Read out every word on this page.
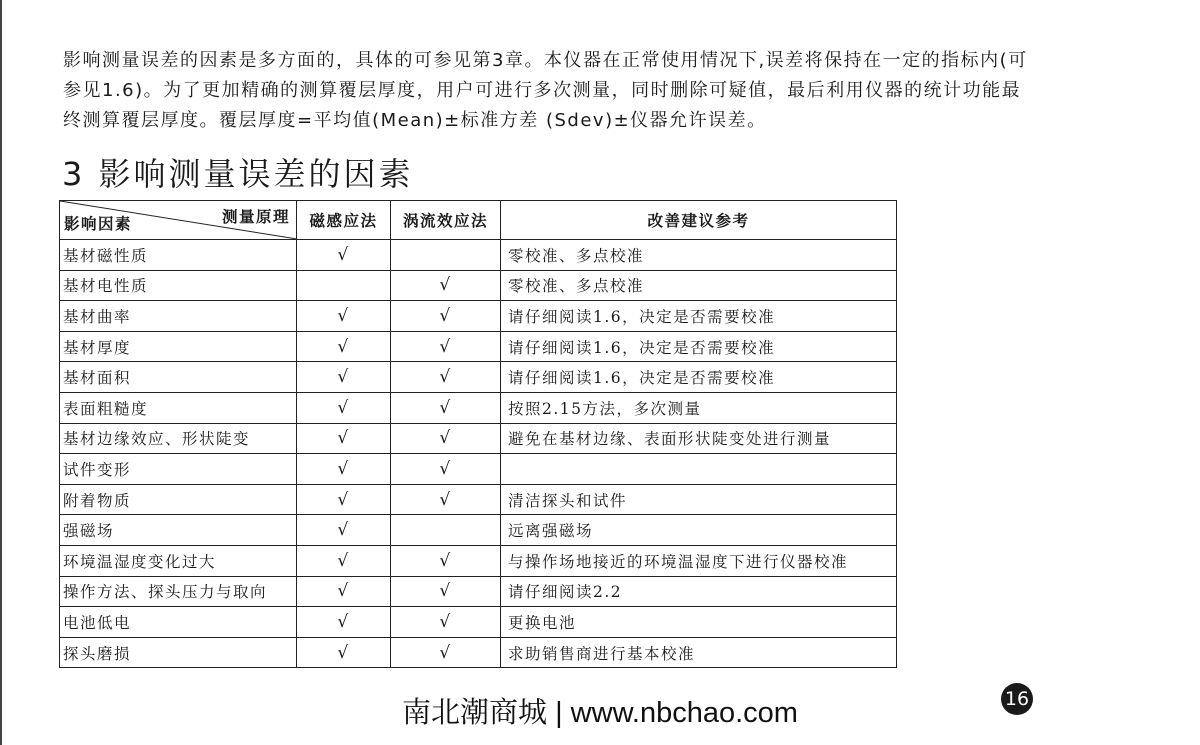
影响测量误差的因素是多方面的，具体的可参见第3章。本仪器在正常使用情况下,误差将保持在一定的指标内(可
参见1.6)。为了更加精确的测算覆层厚度，用户可进行多次测量，同时删除可疑值，最后利用仪器的统计功能最
终测算覆层厚度。覆层厚度=平均值(Mean)±标准方差 (Sdev)±仪器允许误差。
3 影响测量误差的因素
测量原理
影响因素	磁感应法	涡流效应法	改善建议参考
基材磁性质	√		零校准、多点校准
基材电性质		√	零校准、多点校准
基材曲率	√	√	请仔细阅读1.6，决定是否需要校准
基材厚度	√	√	请仔细阅读1.6，决定是否需要校准
基材面积	√	√	请仔细阅读1.6，决定是否需要校准
表面粗糙度	√	√	按照2.15方法，多次测量
基材边缘效应、形状陡变	√	√	避免在基材边缘、表面形状陡变处进行测量
试件变形	√	√	
附着物质	√	√	清洁探头和试件
强磁场	√		远离强磁场
环境温湿度变化过大	√	√	与操作场地接近的环境温湿度下进行仪器校准
操作方法、探头压力与取向	√	√	请仔细阅读2.2
电池低电	√	√	更换电池
探头磨损	√	√	求助销售商进行基本校准
南北潮商城 | www.nbchao.com	16
